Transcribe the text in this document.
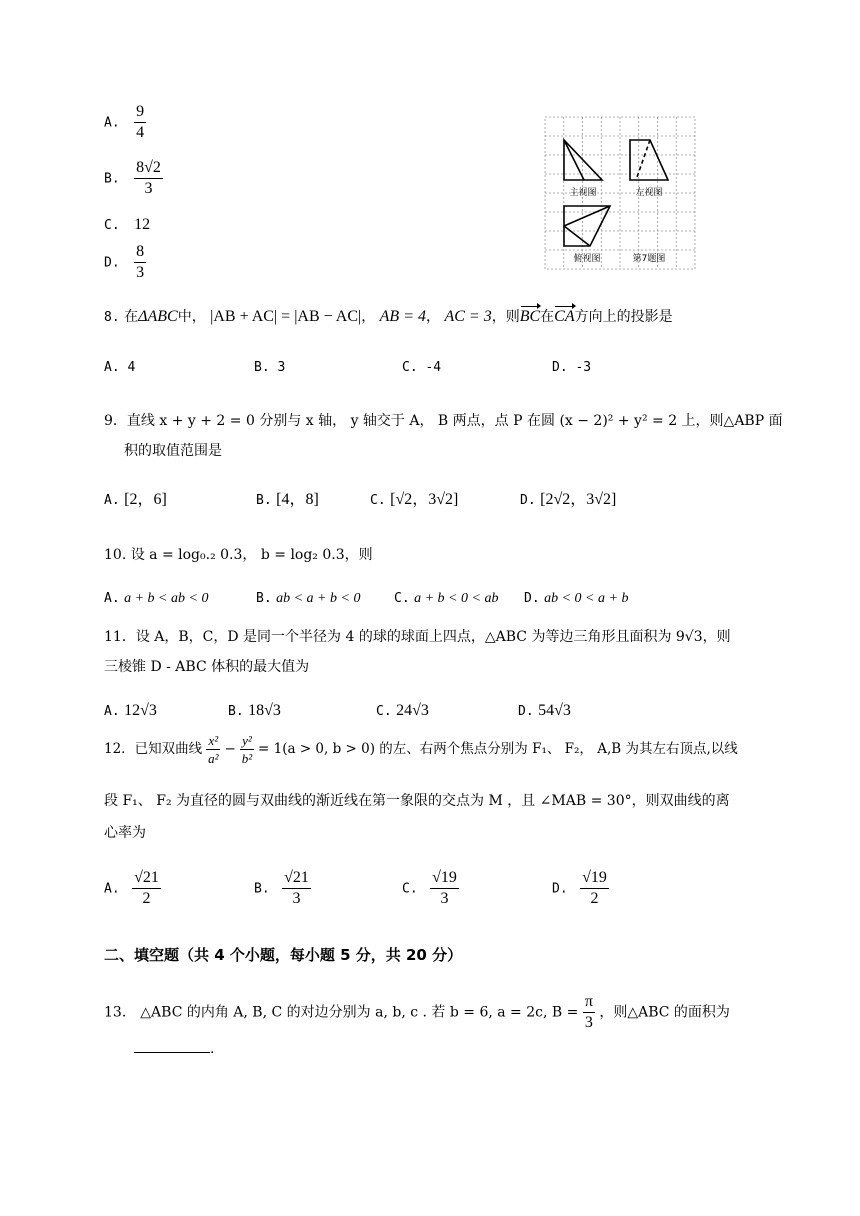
A. $\frac{9}{4}$
B. $\frac{8√2}{3}$
C. 12
D. $\frac{8}{3}$
主视图	左视图
俯视图	第7题图
8. 在ΔABC中， |AB + AC| = |AB − AC|， AB = 4， AC = 3，则BC在CA方向上的投影是
A. 4	B. 3	C. -4	D. -3
9．直线 x + y + 2 = 0 分别与 x 轴， y 轴交于 A， B 两点，点 P 在圆 (x − 2)² + y² = 2 上，则△ABP 面
积的取值范围是
A. [2，6]	B. [4，8]	C. [√2，3√2]	D. [2√2，3√2]
10. 设 a = log₀.₂ 0.3， b = log₂ 0.3，则
A. a + b < ab < 0	B. ab < a + b < 0	C. a + b < 0 < ab D. ab < 0 < a + b
11．设 A，B，C，D 是同一个半径为 4 的球的球面上四点，△ABC 为等边三角形且面积为 9√3，则
三棱锥 D - ABC 体积的最大值为
A. 12√3	B. 18√3	C. 24√3	D. 54√3
12．已知双曲线 $\frac{\text{x²}}{\text{a²}} - \frac{\text{y²}}{\text{b²}} = 1(a > 0$, b > 0) 的左、右两个焦点分别为 F₁、 F₂， A,B 为其左右顶点,以线
段 F₁、 F₂ 为直径的圆与双曲线的渐近线在第一象限的交点为 M ，且 ∠MAB = 30°，则双曲线的离
心率为
A. $\frac{√21}{2}$	B. $\frac{√21}{3}$	C. $\frac{√19}{3}$	D. $\frac{√19}{2}$
二、填空题（共 4 个小题，每小题 5 分，共 20 分）
13.　△ABC 的内角 A, B, C 的对边分别为 a, b, c . 若 b = 6, a = 2c, $B = \frac{\pi}{3}$ ，则△ABC 的面积为
.
